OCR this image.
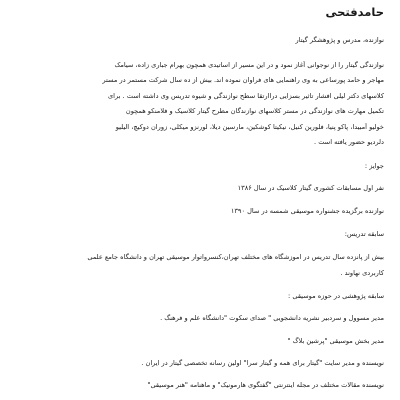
حامدفتحی
نوازنده، مدرس و پژوهشگر گیتار
نوازندگی گیتار را از نوجوانی آغاز نمود و در این مسیر از اساتیدی همچون بهرام جباری زاده، سیامک
مهاجر و حامد پورساعی به وی راهنمایی های فراوان نموده اند. بیش از ده سال شرکت مستمر در مستر
کلاسهای دکتر لیلی افشار تاثیر بسزایی دراارتقا سطح نوازندگی و شیوه تدریس وی داشته است . برای
تکمیل مهارت های نوازندگی در مستر کلاسهای نوازندگان مطرح گیتار کلاسیک و فلامنکو همچون
خولیو آمبیدا، پاکو پنیا، فلورین کنیل، نیکیتا کوشکین، مارسین دیلا، لورنزو میکلی، زوران دوکیچ، الیلیو
دلردیو حضور یافته است .
جوایز :
نفر اول مسابقات کشوری گیتار کلاسیک در سال ۱۳۸۶
نوازنده برگزیده جشنواره موسیقی شمسه در سال ۱۳۹۰
سابقه تدریس:
بیش از پانزده سال تدریس در اموزشگاه های مختلف تهران،کنسرواتوار موسیقی تهران و دانشگاه جامع علمی
کاربردی نهاوند .
سابقه پژوهشی در حوزه موسیقی :
مدیر مسوول و سردبیر نشریه دانشجویی " صدای سکوت "دانشگاه علم و فرهنگ .
مدیر بخش موسیقی "پرشین بلاگ "
نویسنده و مدیر سایت "گیتار برای همه و گیتار سرا" اولین رسانه تخصصی گیتار در ایران .
نویسنده مقالات مختلف در مجله اینترنتی "گفتگوی هارمونیک" و ماهنامه "هنر موسیقی"
